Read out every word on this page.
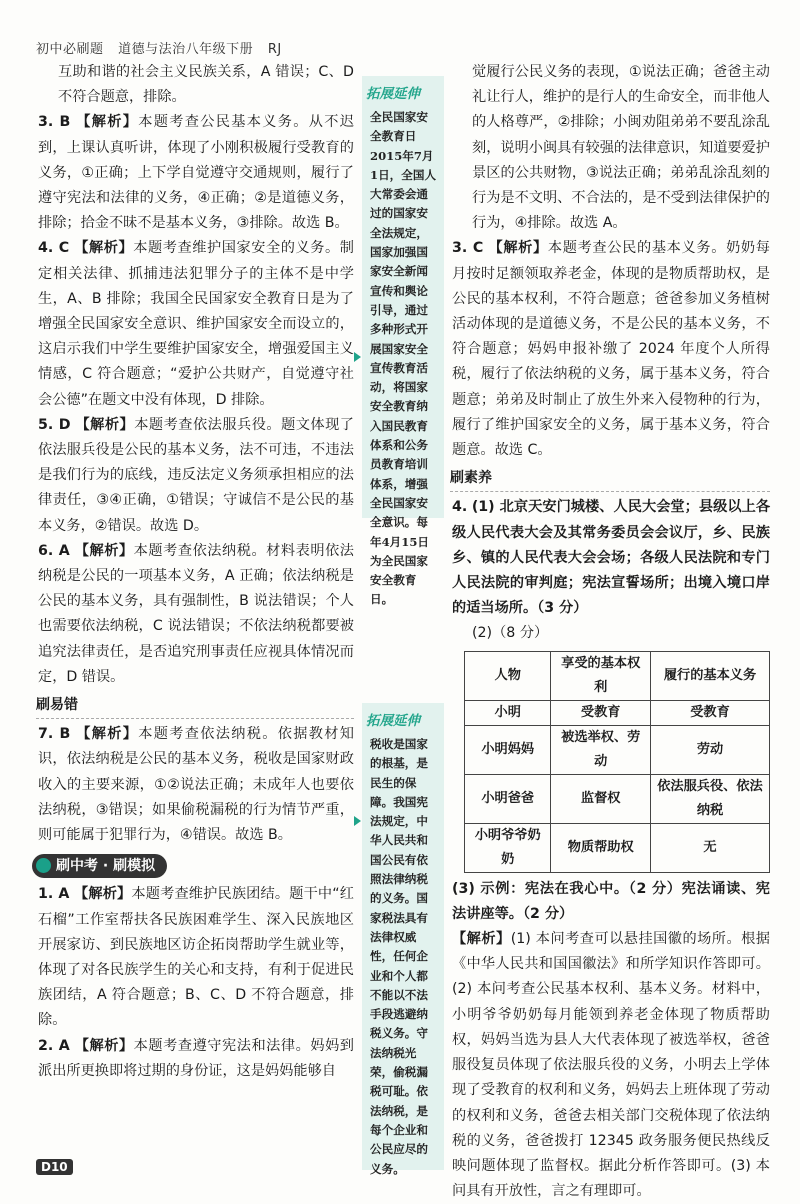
初中必刷题 道德与法治八年级下册 RJ

互助和谐的社会主义民族关系，A 错误；C、D 不符合题意，排除。

3. B 【解析】本题考查公民基本义务。从不迟到，上课认真听讲，体现了小刚积极履行受教育的义务，①正确；上下学自觉遵守交通规则，履行了遵守宪法和法律的义务，④正确；②是道德义务，排除；拾金不昧不是基本义务，③排除。故选 B。

4. C 【解析】本题考查维护国家安全的义务。制定相关法律、抓捕违法犯罪分子的主体不是中学生，A、B 排除；我国全民国家安全教育日是为了增强全民国家安全意识、维护国家安全而设立的，这启示我们中学生要维护国家安全，增强爱国主义情感，C 符合题意；“爱护公共财产，自觉遵守社会公德”在题文中没有体现，D 排除。

5. D 【解析】本题考查依法服兵役。题文体现了依法服兵役是公民的基本义务，法不可违，不违法是我们行为的底线，违反法定义务须承担相应的法律责任，③④正确，①错误；守诚信不是公民的基本义务，②错误。故选 D。

6. A 【解析】本题考查依法纳税。材料表明依法纳税是公民的一项基本义务，A 正确；依法纳税是公民的基本义务，具有强制性，B 说法错误；个人也需要依法纳税，C 说法错误；不依法纳税都要被追究法律责任，是否追究刑事责任应视具体情况而定，D 错误。

刷易错

7. B 【解析】本题考查依法纳税。依据教材知识，依法纳税是公民的基本义务，税收是国家财政收入的主要来源，①②说法正确；未成年人也要依法纳税，③错误；如果偷税漏税的行为情节严重，则可能属于犯罪行为，④错误。故选 B。

刷中考 · 刷模拟

1. A 【解析】本题考查维护民族团结。题干中“红石榴”工作室帮扶各民族困难学生、深入民族地区开展家访、到民族地区访企拓岗帮助学生就业等，体现了对各民族学生的关心和支持，有利于促进民族团结，A 符合题意；B、C、D 不符合题意，排除。

2. A 【解析】本题考查遵守宪法和法律。妈妈到派出所更换即将过期的身份证，这是妈妈能够自

拓展延伸
全民国家安全教育日 2015年7月1日，全国人大常委会通过的国家安全法规定，国家加强国家安全新闻宣传和舆论引导，通过多种形式开展国家安全宣传教育活动，将国家安全教育纳入国民教育体系和公务员教育培训体系，增强全民国家安全意识。每年4月15日为全民国家安全教育日。
拓展延伸
税收是国家的根基，是民生的保障。我国宪法规定，中华人民共和国公民有依照法律纳税的义务。国家税法具有法律权威性，任何企业和个人都不能以不法手段逃避纳税义务。守法纳税光荣，偷税漏税可耻。依法纳税，是每个企业和公民应尽的义务。

觉履行公民义务的表现，①说法正确；爸爸主动礼让行人，维护的是行人的生命安全，而非他人的人格尊严，②排除；小闽劝阻弟弟不要乱涂乱刻，说明小闽具有较强的法律意识，知道要爱护景区的公共财物，③说法正确；弟弟乱涂乱刻的行为是不文明、不合法的，是不受到法律保护的行为，④排除。故选 A。

3. C 【解析】本题考查公民的基本义务。奶奶每月按时足额领取养老金，体现的是物质帮助权，是公民的基本权利，不符合题意；爸爸参加义务植树活动体现的是道德义务，不是公民的基本义务，不符合题意；妈妈申报补缴了 2024 年度个人所得税，履行了依法纳税的义务，属于基本义务，符合题意；弟弟及时制止了放生外来入侵物种的行为，履行了维护国家安全的义务，属于基本义务，符合题意。故选 C。

刷素养

4. (1) 北京天安门城楼、人民大会堂；县级以上各级人民代表大会及其常务委员会会议厅，乡、民族乡、镇的人民代表大会会场；各级人民法院和专门人民法院的审判庭；宪法宣誓场所；出境入境口岸的适当场所。（3 分）

(2)（8 分）

人物	享受的基本权利	履行的基本义务
小明	受教育	受教育
小明妈妈	被选举权、劳动	劳动
小明爸爸	监督权	依法服兵役、依法纳税
小明爷爷奶奶	物质帮助权	无

(3) 示例：宪法在我心中。（2 分）宪法诵读、宪法讲座等。（2 分）

【解析】(1) 本问考查可以悬挂国徽的场所。根据《中华人民共和国国徽法》和所学知识作答即可。(2) 本问考查公民基本权利、基本义务。材料中，小明爷爷奶奶每月能领到养老金体现了物质帮助权，妈妈当选为县人大代表体现了被选举权，爸爸服役复员体现了依法服兵役的义务，小明去上学体现了受教育的权利和义务，妈妈去上班体现了劳动的权利和义务，爸爸去相关部门交税体现了依法纳税的义务，爸爸拨打 12345 政务服务便民热线反映问题体现了监督权。据此分析作答即可。(3) 本问具有开放性，言之有理即可。

D10
